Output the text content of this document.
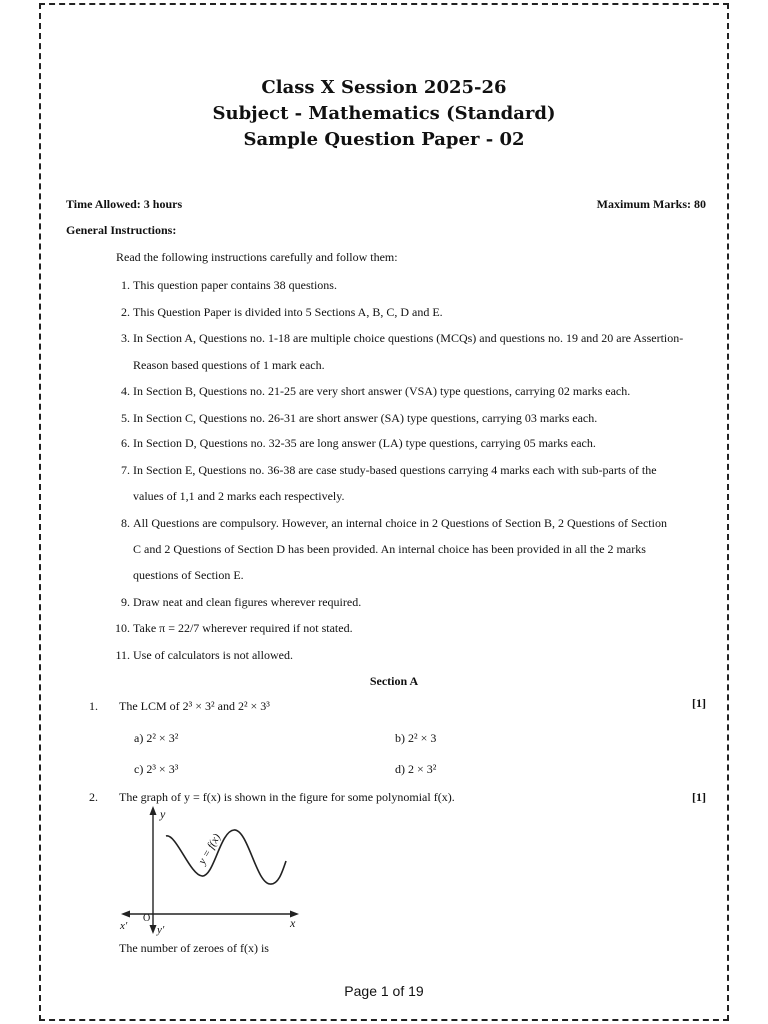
Class X Session 2025-26
Subject - Mathematics (Standard)
Sample Question Paper - 02
Time Allowed: 3 hours	Maximum Marks: 80
General Instructions:
Read the following instructions carefully and follow them:
1. This question paper contains 38 questions.
2. This Question Paper is divided into 5 Sections A, B, C, D and E.
3. In Section A, Questions no. 1-18 are multiple choice questions (MCQs) and questions no. 19 and 20 are Assertion-
Reason based questions of 1 mark each.
4. In Section B, Questions no. 21-25 are very short answer (VSA) type questions, carrying 02 marks each.
5. In Section C, Questions no. 26-31 are short answer (SA) type questions, carrying 03 marks each.
6. In Section D, Questions no. 32-35 are long answer (LA) type questions, carrying 05 marks each.
7. In Section E, Questions no. 36-38 are case study-based questions carrying 4 marks each with sub-parts of the
values of 1,1 and 2 marks each respectively.
8. All Questions are compulsory. However, an internal choice in 2 Questions of Section B, 2 Questions of Section
C and 2 Questions of Section D has been provided. An internal choice has been provided in all the 2 marks
questions of Section E.
9. Draw neat and clean figures wherever required.
10. Take π = 22/7 wherever required if not stated.
11. Use of calculators is not allowed.
Section A
1. The LCM of 2³ × 3² and 2² × 3³	[1]
a) 2² × 3²	b) 2² × 3
c) 2³ × 3³	d) 2 × 3²
2. The graph of y = f(x) is shown in the figure for some polynomial f(x).	[1]
y
y′	x
x′
O
y = f(x)
The number of zeroes of f(x) is
Page 1 of 19
